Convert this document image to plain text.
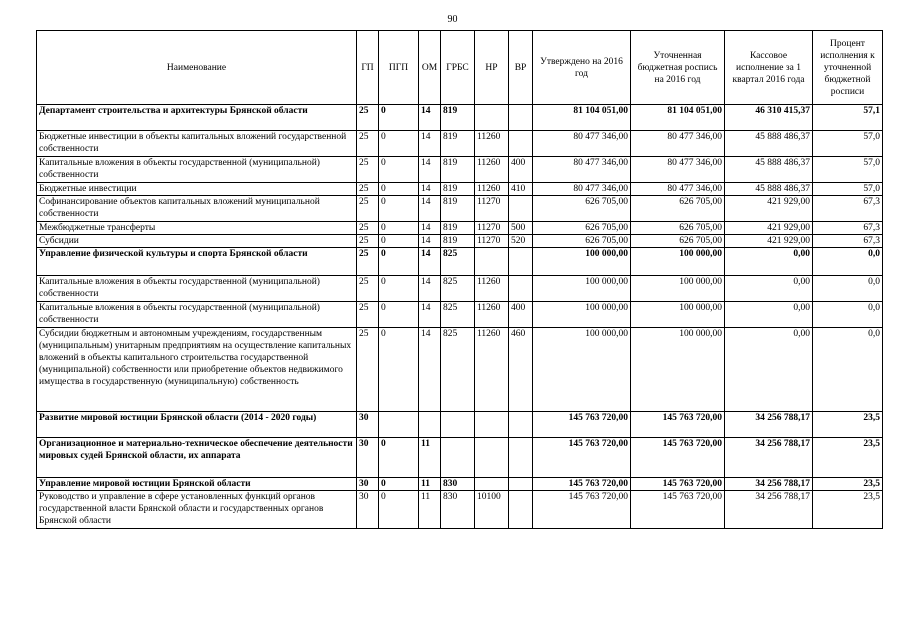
90
Наименование	ГП	ПГП	ОМ	ГРБС	НР	ВР	Утверждено на 2016 год	Уточненная бюджетная роспись на 2016 год	Кассовое исполнение за 1 квартал 2016 года	Процент исполнения к уточненной бюджетной росписи
Департамент строительства и архитектуры Брянской области	25	0	14	819			81 104 051,00	81 104 051,00	46 310 415,37	57,1
Бюджетные инвестиции в объекты капитальных вложений государственной собственности	25	0	14	819	11260		80 477 346,00	80 477 346,00	45 888 486,37	57,0
Капитальные вложения в объекты государственной (муниципальной) собственности	25	0	14	819	11260	400	80 477 346,00	80 477 346,00	45 888 486,37	57,0
Бюджетные инвестиции	25	0	14	819	11260	410	80 477 346,00	80 477 346,00	45 888 486,37	57,0
Софинансирование объектов капитальных вложений муниципальной собственности	25	0	14	819	11270		626 705,00	626 705,00	421 929,00	67,3
Межбюджетные трансферты	25	0	14	819	11270	500	626 705,00	626 705,00	421 929,00	67,3
Субсидии	25	0	14	819	11270	520	626 705,00	626 705,00	421 929,00	67,3
Управление физической культуры и спорта Брянской области	25	0	14	825			100 000,00	100 000,00	0,00	0,0
Капитальные вложения в объекты государственной (муниципальной) собственности	25	0	14	825	11260		100 000,00	100 000,00	0,00	0,0
Капитальные вложения в объекты государственной (муниципальной) собственности	25	0	14	825	11260	400	100 000,00	100 000,00	0,00	0,0
Субсидии бюджетным и автономным учреждениям, государственным (муниципальным) унитарным предприятиям на осуществление капитальных вложений в объекты капитального строительства государственной (муниципальной) собственности или приобретение объектов недвижимого имущества в государственную (муниципальную) собственность	25	0	14	825	11260	460	100 000,00	100 000,00	0,00	0,0
Развитие мировой юстиции Брянской области (2014 - 2020 годы)	30						145 763 720,00	145 763 720,00	34 256 788,17	23,5
Организационное и материально-техническое обеспечение деятельности мировых судей Брянской области, их аппарата	30	0	11				145 763 720,00	145 763 720,00	34 256 788,17	23,5
Управление мировой юстиции Брянской области	30	0	11	830			145 763 720,00	145 763 720,00	34 256 788,17	23,5
Руководство и управление в сфере установленных функций органов государственной власти Брянской области и государственных органов Брянской области	30	0	11	830	10100		145 763 720,00	145 763 720,00	34 256 788,17	23,5
